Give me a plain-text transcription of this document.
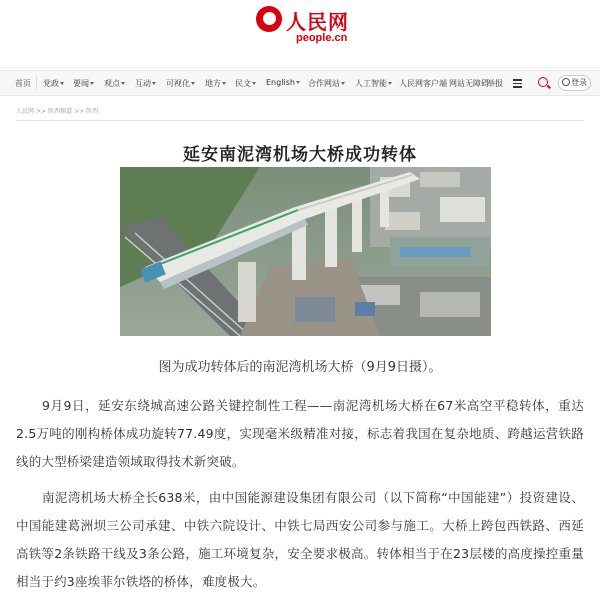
人民网
people.cn
首页 党政	要闻	观点	互动	可视化	地方	民文	English	合作网站	人工智能	人民网客户端 网站无障碍
举报	登录
人民网 >> 陕西频道 >> 陕西
延安南泥湾机场大桥成功转体

图为成功转体后的南泥湾机场大桥（9月9日摄）。

9月9日，延安东绕城高速公路关键控制性工程——南泥湾机场大桥在67米高空平稳转体，重达2.5万吨的刚构桥体成功旋转77.49度，实现毫米级精准对接，标志着我国在复杂地质、跨越运营铁路线的大型桥梁建造领域取得技术新突破。

南泥湾机场大桥全长638米，由中国能源建设集团有限公司（以下简称“中国能建”）投资建设、中国能建葛洲坝三公司承建、中铁六院设计、中铁七局西安公司参与施工。大桥上跨包西铁路、西延高铁等2条铁路干线及3条公路，施工环境复杂，安全要求极高。转体相当于在23层楼的高度操控重量相当于约3座埃菲尔铁塔的桥体，难度极大。
